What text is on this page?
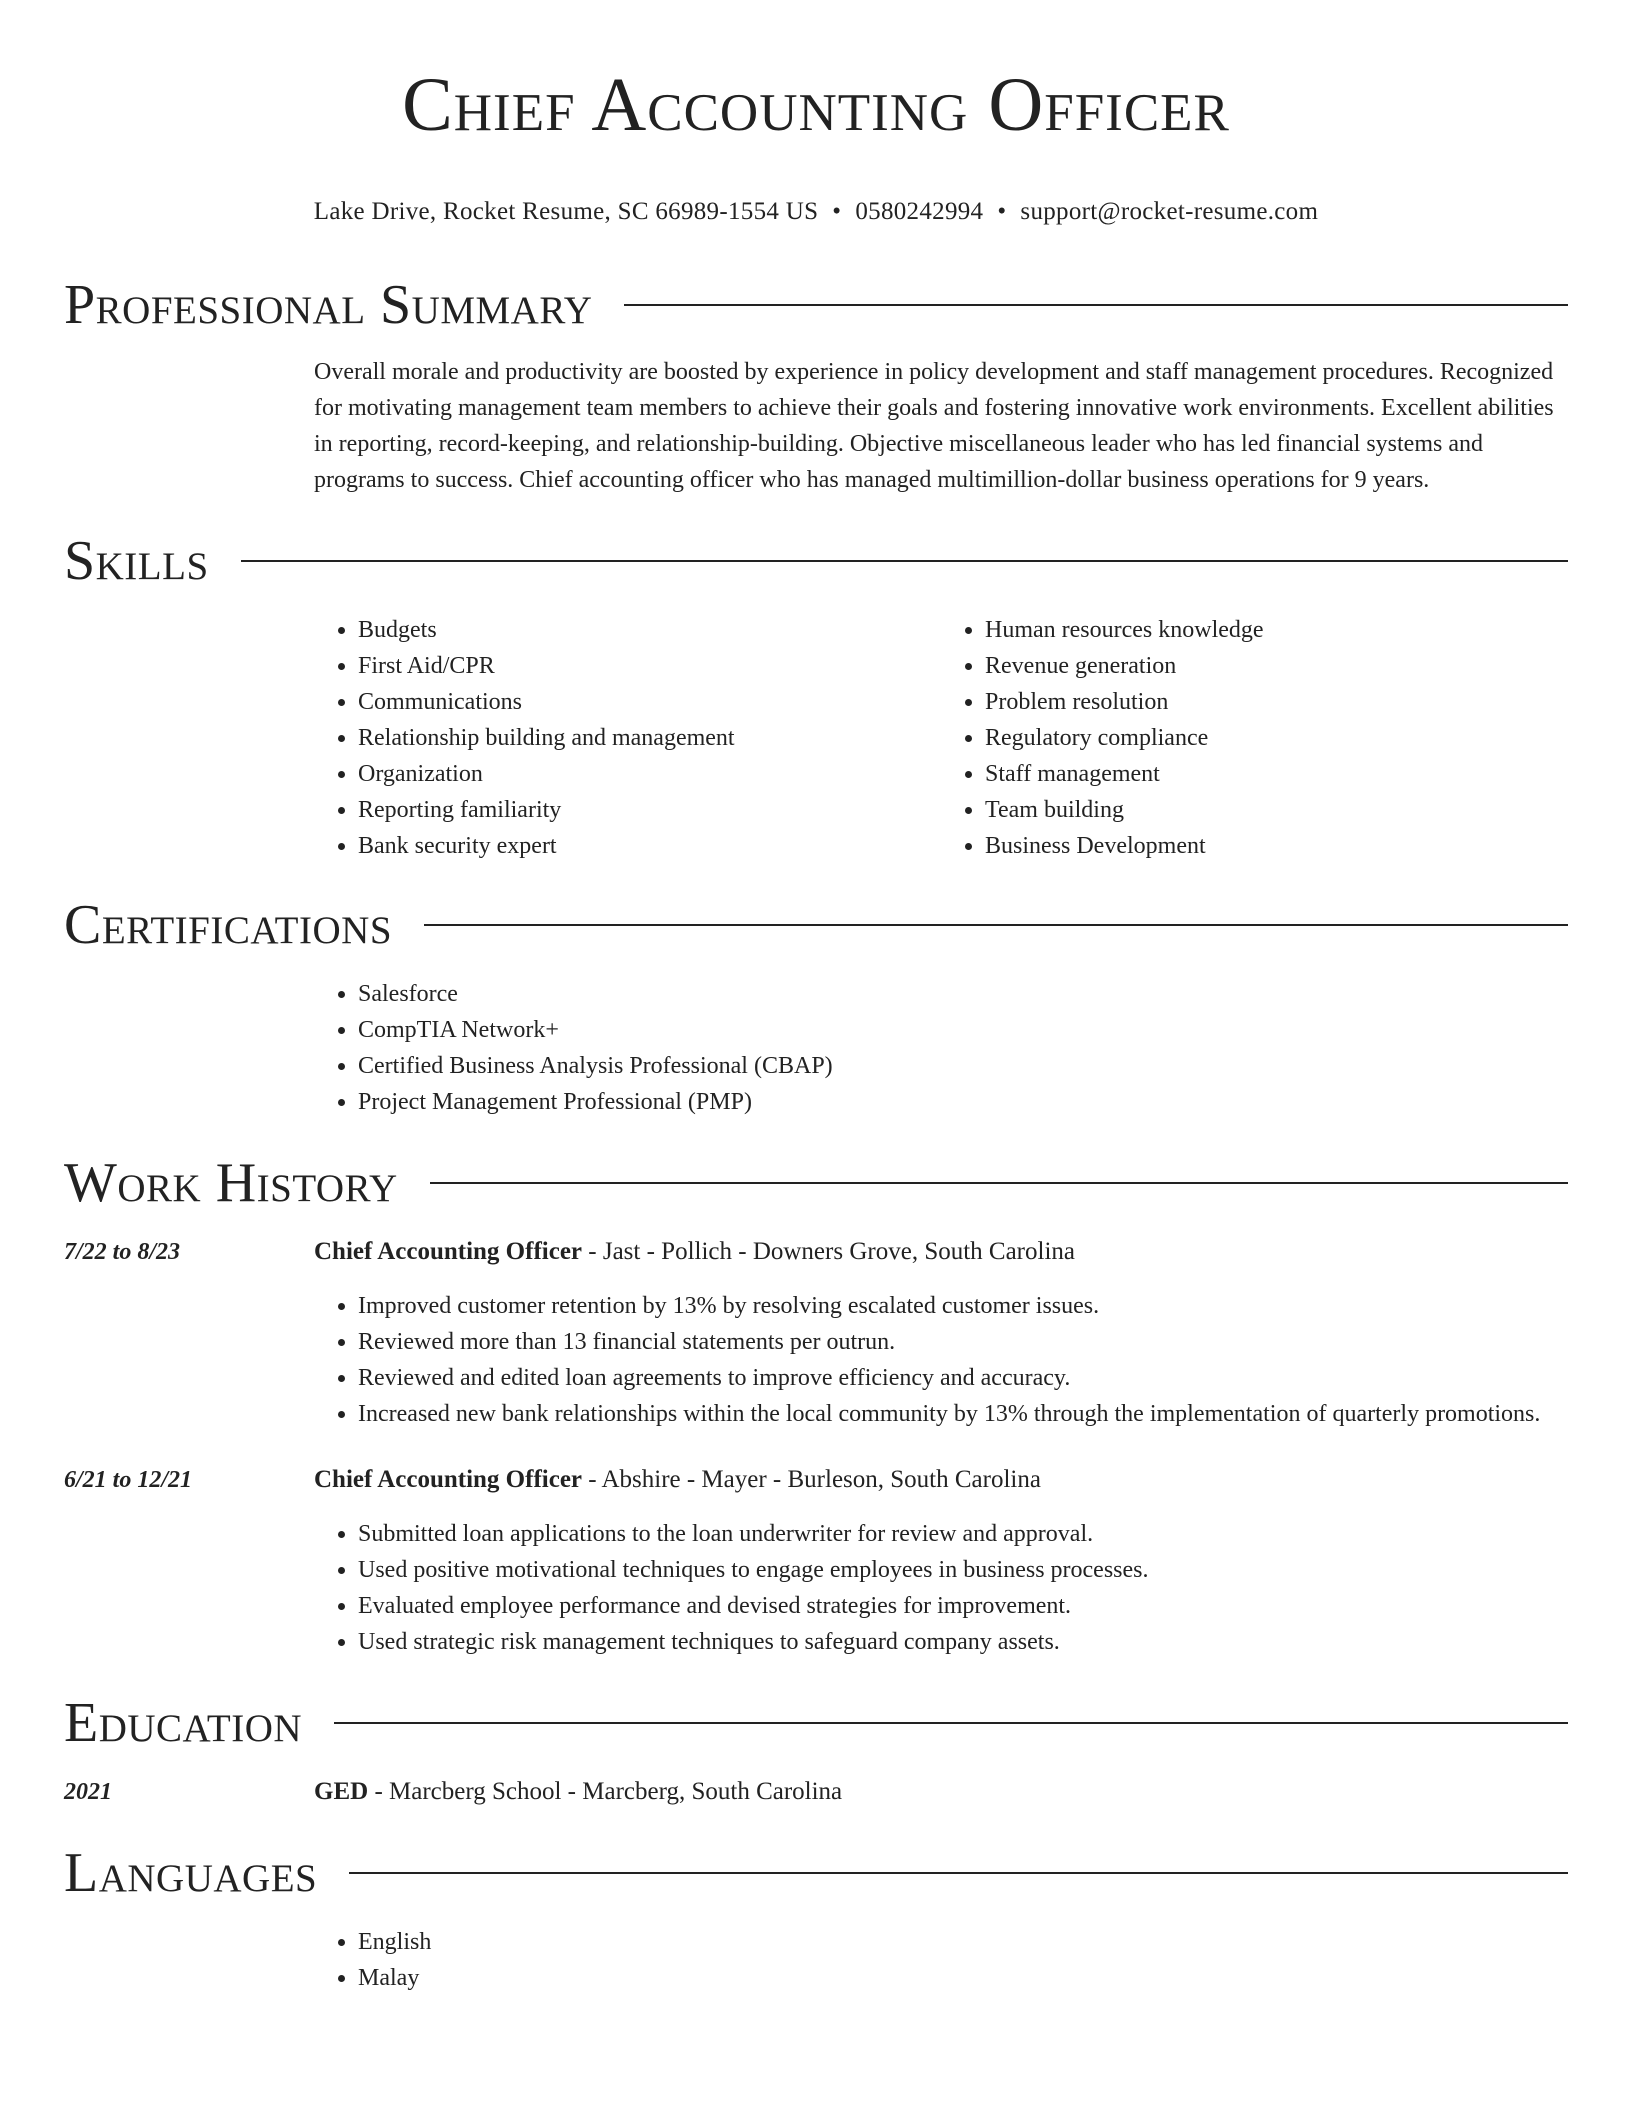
Chief Accounting Officer
Lake Drive, Rocket Resume, SC 66989-1554 US • 0580242994 • support@rocket-resume.com
Professional Summary

Overall morale and productivity are boosted by experience in policy development and staff management procedures. Recognized for motivating management team members to achieve their goals and fostering innovative work environments. Excellent abilities in reporting, record-keeping, and relationship-building. Objective miscellaneous leader who has led financial systems and programs to success. Chief accounting officer who has managed multimillion-dollar business operations for 9 years.

Skills
• Budgets
• First Aid/CPR
• Communications
• Relationship building and management
• Organization
• Reporting familiarity
• Bank security expert
• Human resources knowledge
• Revenue generation
• Problem resolution
• Regulatory compliance
• Staff management
• Team building
• Business Development
Certifications
• Salesforce
• CompTIA Network+
• Certified Business Analysis Professional (CBAP)
• Project Management Professional (PMP)
Work History
7/22 to 8/23	Chief Accounting Officer - Jast - Pollich - Downers Grove, South Carolina
• Improved customer retention by 13% by resolving escalated customer issues.
• Reviewed more than 13 financial statements per outrun.
• Reviewed and edited loan agreements to improve efficiency and accuracy.
• Increased new bank relationships within the local community by 13% through the implementation of quarterly promotions.
6/21 to 12/21	Chief Accounting Officer - Abshire - Mayer - Burleson, South Carolina
• Submitted loan applications to the loan underwriter for review and approval.
• Used positive motivational techniques to engage employees in business processes.
• Evaluated employee performance and devised strategies for improvement.
• Used strategic risk management techniques to safeguard company assets.
Education
2021	GED - Marcberg School - Marcberg, South Carolina
Languages
• English
• Malay
